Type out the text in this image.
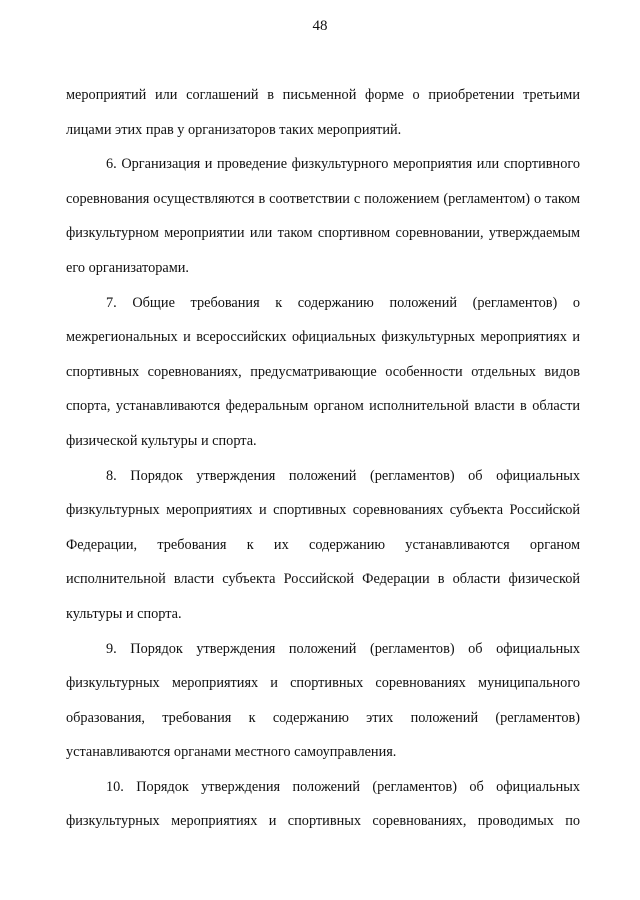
48

мероприятий или соглашений в письменной форме о приобретении третьими лицами этих прав у организаторов таких мероприятий.

6. Организация и проведение физкультурного мероприятия или спортивного соревнования осуществляются в соответствии с положением (регламентом) о таком физкультурном мероприятии или таком спортивном соревновании, утверждаемым его организаторами.

7. Общие требования к содержанию положений (регламентов) о межрегиональных и всероссийских официальных физкультурных мероприятиях и спортивных соревнованиях, предусматривающие особенности отдельных видов спорта, устанавливаются федеральным органом исполнительной власти в области физической культуры и спорта.

8. Порядок утверждения положений (регламентов) об официальных физкультурных мероприятиях и спортивных соревнованиях субъекта Российской Федерации, требования к их содержанию устанавливаются органом исполнительной власти субъекта Российской Федерации в области физической культуры и спорта.

9. Порядок утверждения положений (регламентов) об официальных физкультурных мероприятиях и спортивных соревнованиях муниципального образования, требования к содержанию этих положений (регламентов) устанавливаются органами местного самоуправления.

10. Порядок утверждения положений (регламентов) об официальных физкультурных мероприятиях и спортивных соревнованиях, проводимых по
